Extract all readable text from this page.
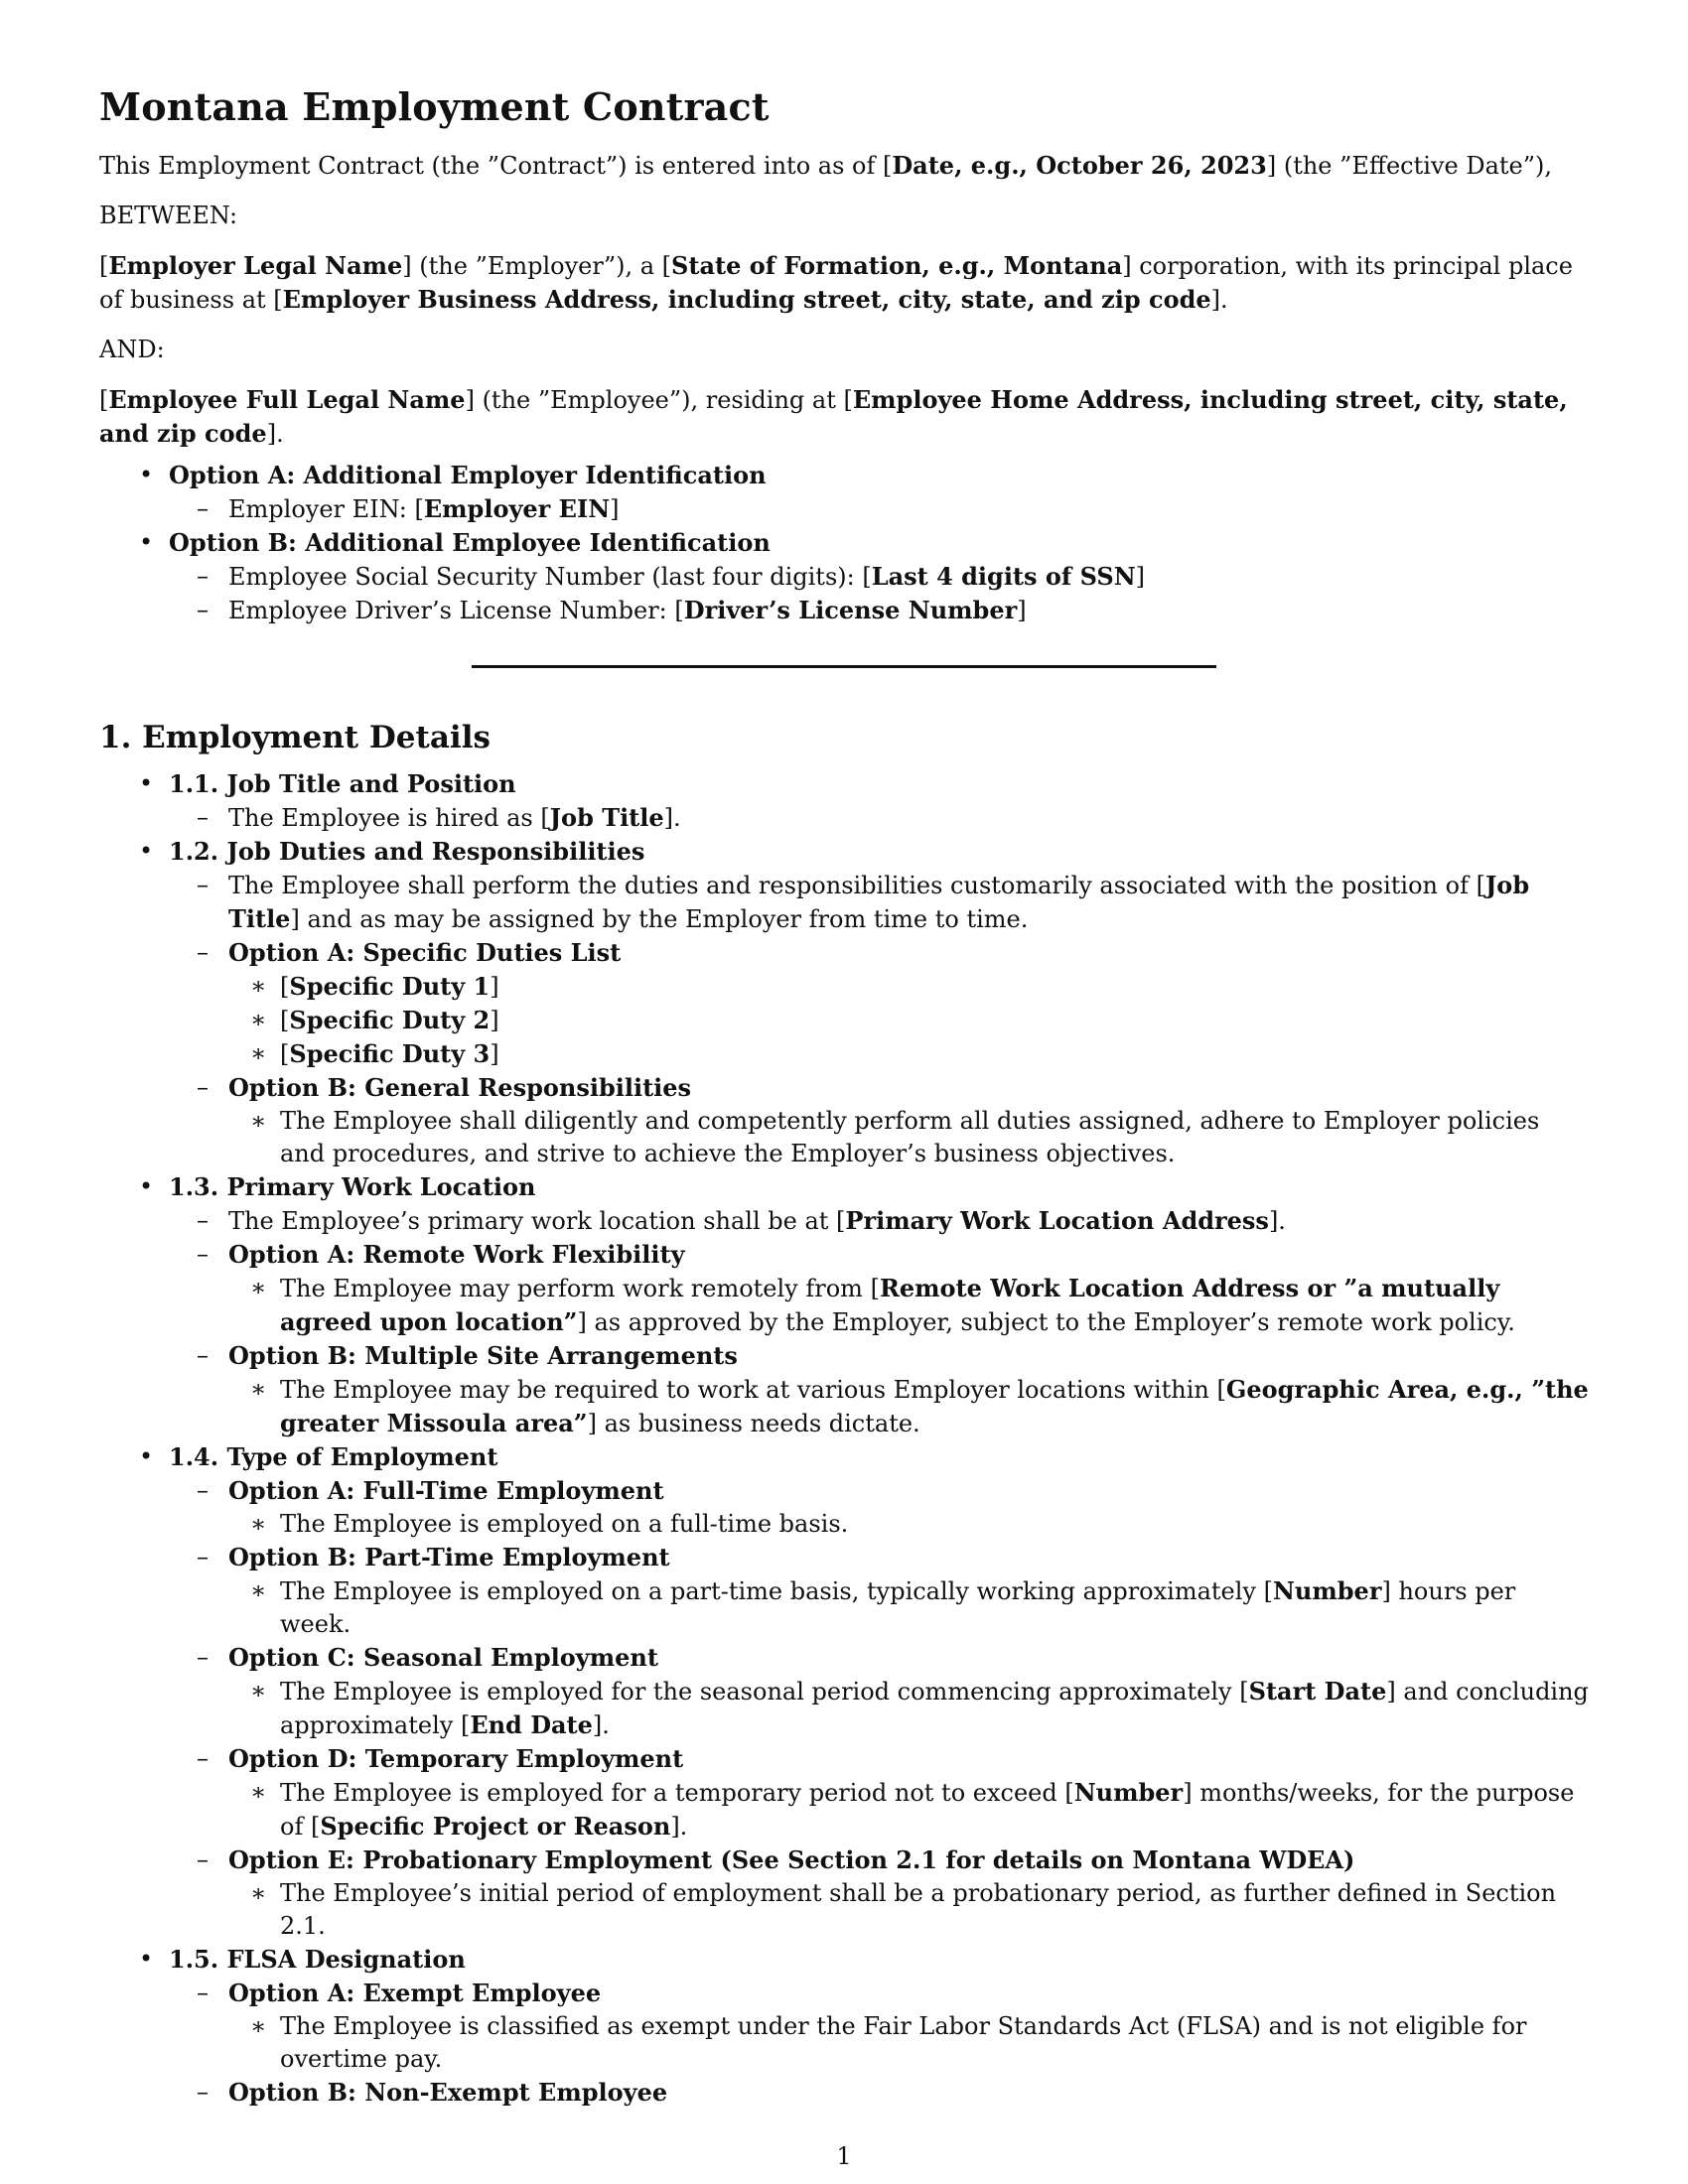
Montana Employment Contract

This Employment Contract (the ”Contract”) is entered into as of [Date, e.g., October 26, 2023] (the ”Effective Date”),

BETWEEN:

[Employer Legal Name] (the ”Employer”), a [State of Formation, e.g., Montana] corporation, with its principal place of business at [Employer Business Address, including street, city, state, and zip code].

AND:

[Employee Full Legal Name] (the ”Employee”), residing at [Employee Home Address, including street, city, state, and zip code].

• Option A: Additional Employer Identification
– Employer EIN: [Employer EIN]
• Option B: Additional Employee Identification
– Employee Social Security Number (last four digits): [Last 4 digits of SSN]
– Employee Driver’s License Number: [Driver’s License Number]
1. Employment Details
• 1.1. Job Title and Position
– The Employee is hired as [Job Title].
• 1.2. Job Duties and Responsibilities
– The Employee shall perform the duties and responsibilities customarily associated with the position of [Job Title] and as may be assigned by the Employer from time to time.
– Option A: Specific Duties List
∗ [Specific Duty 1]
∗ [Specific Duty 2]
∗ [Specific Duty 3]
– Option B: General Responsibilities
∗ The Employee shall diligently and competently perform all duties assigned, adhere to Employer policies and procedures, and strive to achieve the Employer’s business objectives.
• 1.3. Primary Work Location
– The Employee’s primary work location shall be at [Primary Work Location Address].
– Option A: Remote Work Flexibility
∗ The Employee may perform work remotely from [Remote Work Location Address or ”a mutually agreed upon location”] as approved by the Employer, subject to the Employer’s remote work policy.
– Option B: Multiple Site Arrangements
∗ The Employee may be required to work at various Employer locations within [Geographic Area, e.g., ”the greater Missoula area”] as business needs dictate.
• 1.4. Type of Employment
– Option A: Full-Time Employment
∗ The Employee is employed on a full-time basis.
– Option B: Part-Time Employment
∗ The Employee is employed on a part-time basis, typically working approximately [Number] hours per week.
– Option C: Seasonal Employment
∗ The Employee is employed for the seasonal period commencing approximately [Start Date] and concluding approximately [End Date].
– Option D: Temporary Employment
∗ The Employee is employed for a temporary period not to exceed [Number] months/weeks, for the purpose of [Specific Project or Reason].
– Option E: Probationary Employment (See Section 2.1 for details on Montana WDEA)
∗ The Employee’s initial period of employment shall be a probationary period, as further defined in Section 2.1.
• 1.5. FLSA Designation
– Option A: Exempt Employee
∗ The Employee is classified as exempt under the Fair Labor Standards Act (FLSA) and is not eligible for overtime pay.
– Option B: Non-Exempt Employee
1
